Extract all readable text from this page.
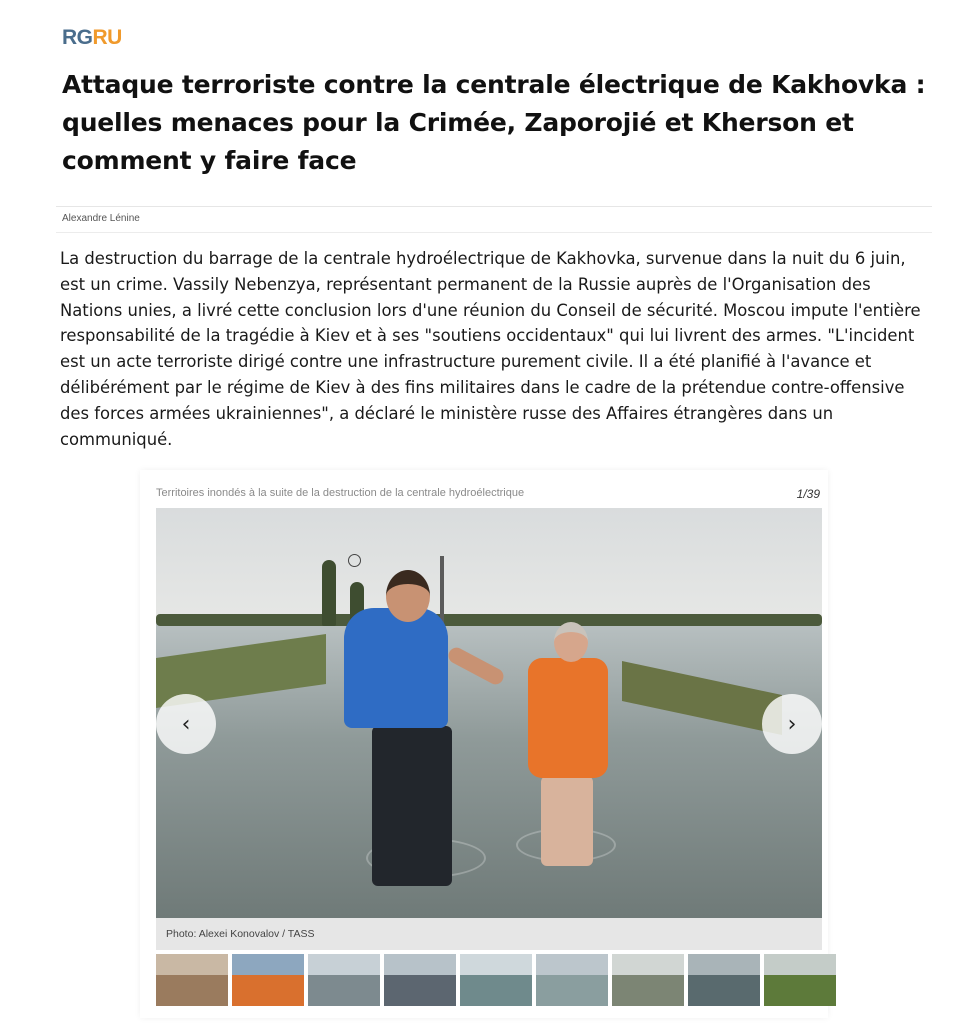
RGRU
Attaque terroriste contre la centrale électrique de Kakhovka : quelles menaces pour la Crimée, Zaporojié et Kherson et comment y faire face
Alexandre Lénine

La destruction du barrage de la centrale hydroélectrique de Kakhovka, survenue dans la nuit du 6 juin, est un crime. Vassily Nebenzya, représentant permanent de la Russie auprès de l'Organisation des Nations unies, a livré cette conclusion lors d'une réunion du Conseil de sécurité. Moscou impute l'entière responsabilité de la tragédie à Kiev et à ses "soutiens occidentaux" qui lui livrent des armes. "L'incident est un acte terroriste dirigé contre une infrastructure purement civile. Il a été planifié à l'avance et délibérément par le régime de Kiev à des fins militaires dans le cadre de la prétendue contre-offensive des forces armées ukrainiennes", a déclaré le ministère russe des Affaires étrangères dans un communiqué.

Territoires inondés à la suite de la destruction de la centrale hydroélectrique	1/39
‹	›
Photo: Alexei Konovalov / TASS
